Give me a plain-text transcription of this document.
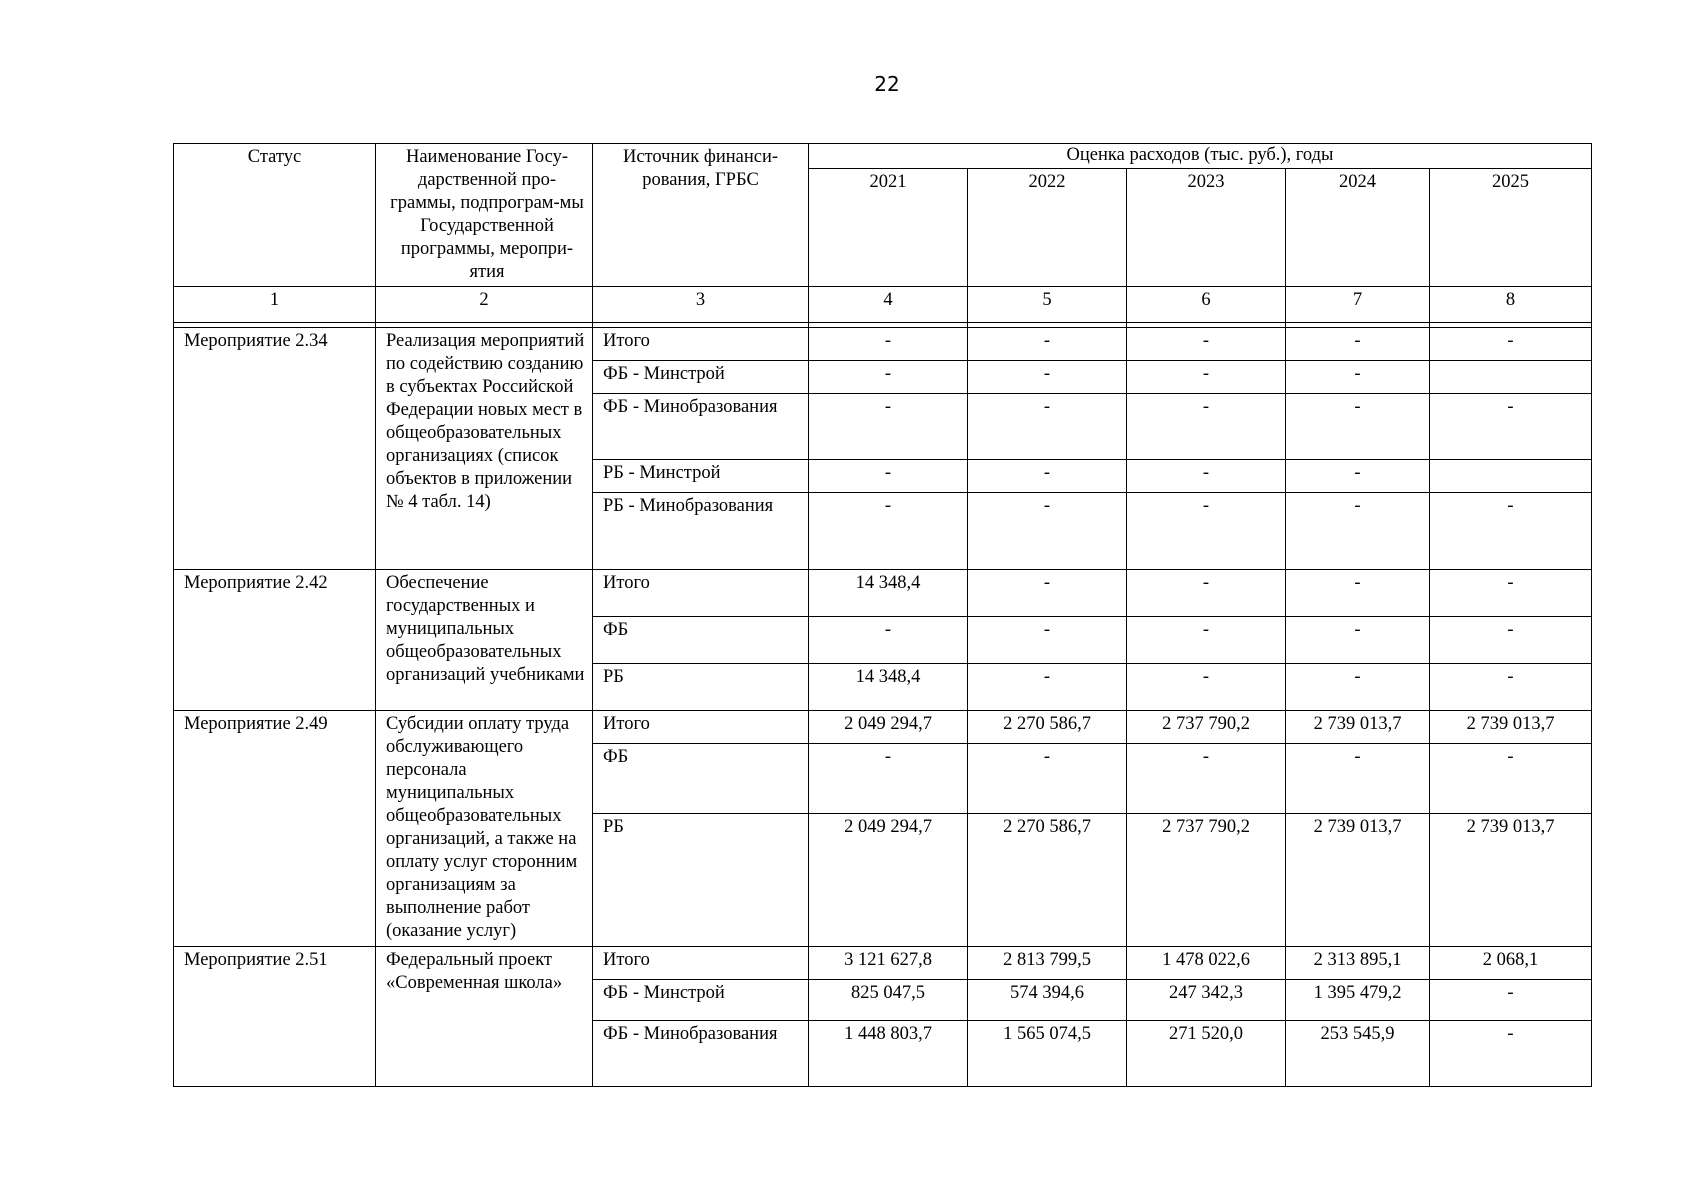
22
Статус	Наименование Госу-дарственной про-граммы, подпрограм-мы Государственной программы, меропри-ятия	Источник финанси-рования, ГРБС	Оценка расходов (тыс. руб.), годы				
			2021	2022	2023	2024	2025
1	2	3	4	5	6	7	8

Мероприятие 2.34	Реализация мероприятий по содействию созданию в субъектах Российской Федерации новых мест в общеобразовательных организациях (список объектов в приложении № 4 табл. 14)	Итого	-	-	-	-	-
		ФБ - Минстрой	-	-	-	-	
		ФБ - Минобразования	-	-	-	-	-
		РБ - Минстрой	-	-	-	-	
		РБ - Минобразования	-	-	-	-	-
Мероприятие 2.42	Обеспечение государственных и муниципальных общеобразовательных организаций учебниками	Итого	14 348,4	-	-	-	-
		ФБ	-	-	-	-	-
		РБ	14 348,4	-	-	-	-
Мероприятие 2.49	Субсидии оплату труда обслуживающего персонала муниципальных общеобразовательных организаций, а также на оплату услуг сторонним организациям за выполнение работ (оказание услуг)	Итого	2 049 294,7	2 270 586,7	2 737 790,2	2 739 013,7	2 739 013,7
		ФБ	-	-	-	-	-
		РБ	2 049 294,7	2 270 586,7	2 737 790,2	2 739 013,7	2 739 013,7
Мероприятие 2.51	Федеральный проект «Современная школа»	Итого	3 121 627,8	2 813 799,5	1 478 022,6	2 313 895,1	2 068,1
		ФБ - Минстрой	825 047,5	574 394,6	247 342,3	1 395 479,2	-
		ФБ - Минобразования	1 448 803,7	1 565 074,5	271 520,0	253 545,9	-
